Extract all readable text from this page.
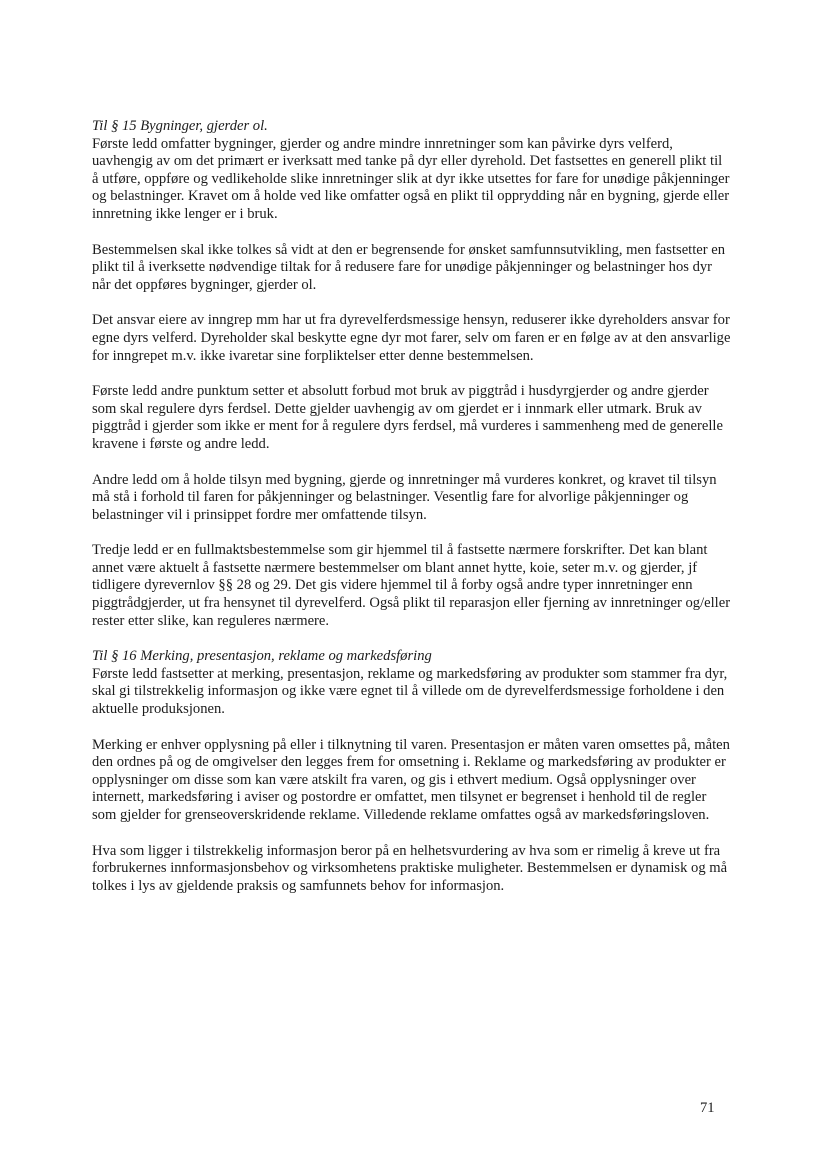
Til § 15 Bygninger, gjerder ol.

Første ledd omfatter bygninger, gjerder og andre mindre innretninger som kan påvirke dyrs velferd, uavhengig av om det primært er iverksatt med tanke på dyr eller dyrehold. Det fastsettes en generell plikt til å utføre, oppføre og vedlikeholde slike innretninger slik at dyr ikke utsettes for fare for unødige påkjenninger og belastninger. Kravet om å holde ved like omfatter også en plikt til opprydding når en bygning, gjerde eller innretning ikke lenger er i bruk.

Bestemmelsen skal ikke tolkes så vidt at den er begrensende for ønsket samfunnsutvikling, men fastsetter en plikt til å iverksette nødvendige tiltak for å redusere fare for unødige påkjenninger og belastninger hos dyr når det oppføres bygninger, gjerder ol.

Det ansvar eiere av inngrep mm har ut fra dyrevelferdsmessige hensyn, reduserer ikke dyreholders ansvar for egne dyrs velferd. Dyreholder skal beskytte egne dyr mot farer, selv om faren er en følge av at den ansvarlige for inngrepet m.v. ikke ivaretar sine forpliktelser etter denne bestemmelsen.

Første ledd andre punktum setter et absolutt forbud mot bruk av piggtråd i husdyrgjerder og andre gjerder som skal regulere dyrs ferdsel. Dette gjelder uavhengig av om gjerdet er i innmark eller utmark. Bruk av piggtråd i gjerder som ikke er ment for å regulere dyrs ferdsel, må vurderes i sammenheng med de generelle kravene i første og andre ledd.

Andre ledd om å holde tilsyn med bygning, gjerde og innretninger må vurderes konkret, og kravet til tilsyn må stå i forhold til faren for påkjenninger og belastninger. Vesentlig fare for alvorlige påkjenninger og belastninger vil i prinsippet fordre mer omfattende tilsyn.

Tredje ledd er en fullmaktsbestemmelse som gir hjemmel til å fastsette nærmere forskrifter. Det kan blant annet være aktuelt å fastsette nærmere bestemmelser om blant annet hytte, koie, seter m.v. og gjerder, jf tidligere dyrevernlov §§ 28 og 29. Det gis videre hjemmel til å forby også andre typer innretninger enn piggtrådgjerder, ut fra hensynet til dyrevelferd. Også plikt til reparasjon eller fjerning av innretninger og/eller rester etter slike, kan reguleres nærmere.

Til § 16 Merking, presentasjon, reklame og markedsføring

Første ledd fastsetter at merking, presentasjon, reklame og markedsføring av produkter som stammer fra dyr, skal gi tilstrekkelig informasjon og ikke være egnet til å villede om de dyrevelferdsmessige forholdene i den aktuelle produksjonen.

Merking er enhver opplysning på eller i tilknytning til varen. Presentasjon er måten varen omsettes på, måten den ordnes på og de omgivelser den legges frem for omsetning i. Reklame og markedsføring av produkter er opplysninger om disse som kan være atskilt fra varen, og gis i ethvert medium. Også opplysninger over internett, markedsføring i aviser og postordre er omfattet, men tilsynet er begrenset i henhold til de regler som gjelder for grenseoverskridende reklame. Villedende reklame omfattes også av markedsføringsloven.

Hva som ligger i tilstrekkelig informasjon beror på en helhetsvurdering av hva som er rimelig å kreve ut fra forbrukernes innformasjonsbehov og virksomhetens praktiske muligheter. Bestemmelsen er dynamisk og må tolkes i lys av gjeldende praksis og samfunnets behov for informasjon.

71
